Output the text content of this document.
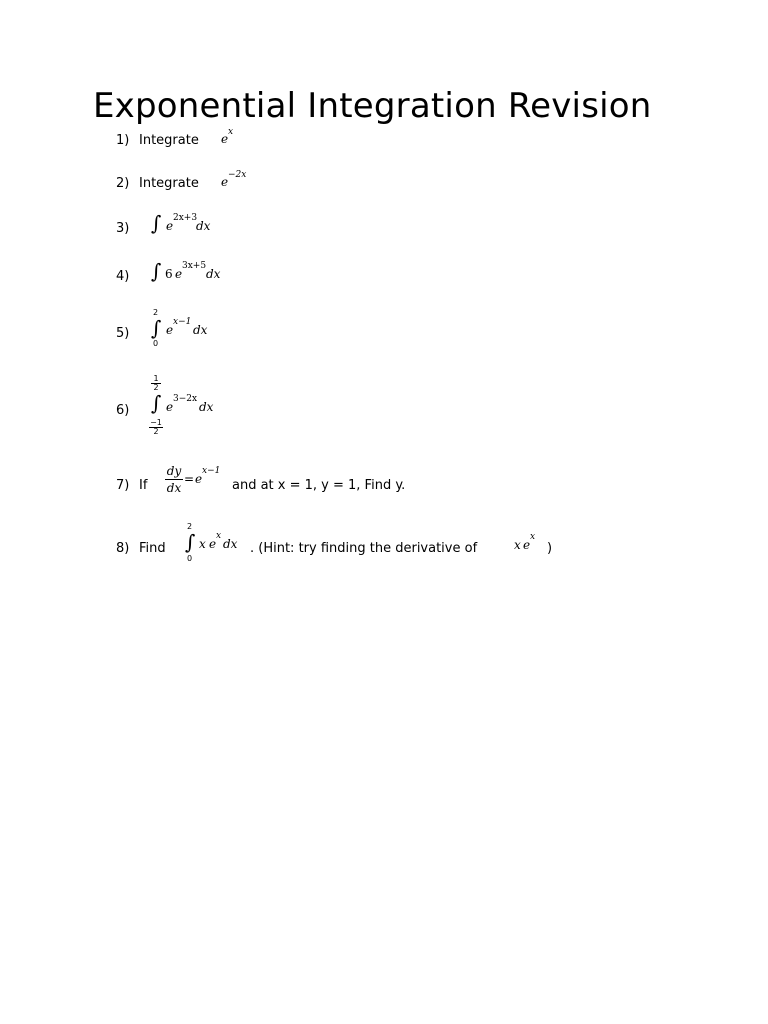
Exponential Integration Revision
1) Integrate e x
2) Integrate e −2x
3) ∫ e
2x+3
dx
4) ∫ 6 e
3x+5
dx
5)
2
∫
0
e
x−1
dx
6)
1
2
∫
−1
2
e
3−2x
dx
7) If
dy
dx
= e
x−1
and at x = 1, y = 1, Find y.
8) Find
2
∫
0
x e
x
dx . (Hint: try finding the derivative of	x e
x
)
